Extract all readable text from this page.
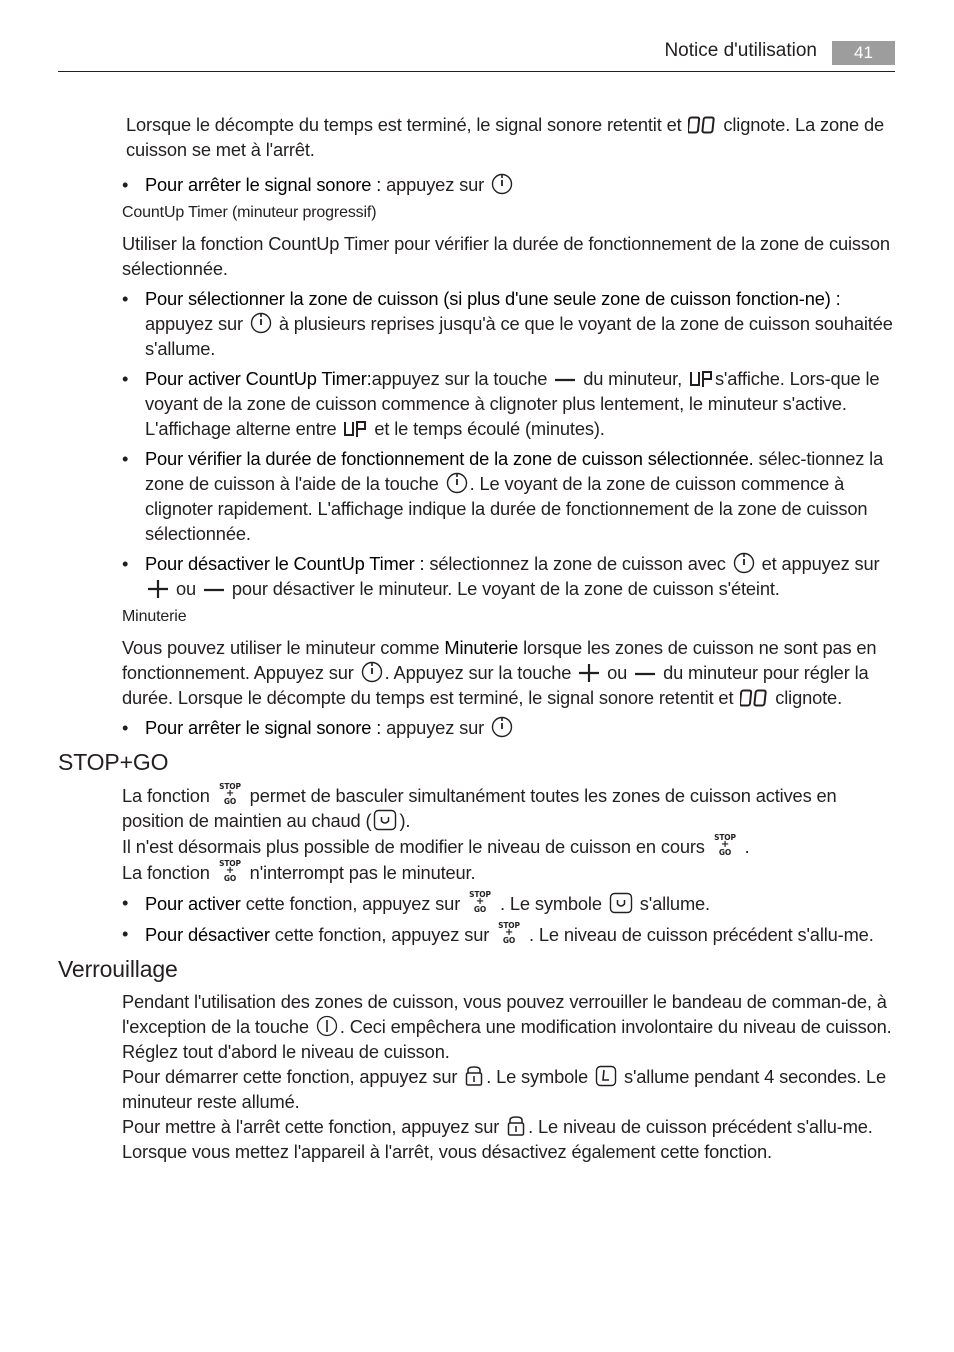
Notice d'utilisation	41

Lorsque le décompte du temps est terminé, le signal sonore retentit et clignote. La zone de cuisson se met à l'arrêt.

• Pour arrêter le signal sonore : appuyez sur

CountUp Timer (minuteur progressif)

Utiliser la fonction CountUp Timer pour vérifier la durée de fonctionnement de la zone de cuisson sélectionnée.

• Pour sélectionner la zone de cuisson (si plus d'une seule zone de cuisson fonction-ne) : appuyez sur à plusieurs reprises jusqu'à ce que le voyant de la zone de cuisson souhaitée s'allume.
• Pour activer CountUp Timer:appuyez sur la touche du minuteur, s'affiche. Lors-que le voyant de la zone de cuisson commence à clignoter plus lentement, le minuteur s'active. L'affichage alterne entre et le temps écoulé (minutes).
• Pour vérifier la durée de fonctionnement de la zone de cuisson sélectionnée. sélec-tionnez la zone de cuisson à l'aide de la touche . Le voyant de la zone de cuisson commence à clignoter rapidement. L'affichage indique la durée de fonctionnement de la zone de cuisson sélectionnée.
• Pour désactiver le CountUp Timer : sélectionnez la zone de cuisson avec et appuyez sur  ou pour désactiver le minuteur. Le voyant de la zone de cuisson s'éteint.

Minuterie

Vous pouvez utiliser le minuteur comme Minuterie lorsque les zones de cuisson ne sont pas en fonctionnement. Appuyez sur . Appuyez sur la touche ou du minuteur pour régler la durée. Lorsque le décompte du temps est terminé, le signal sonore retentit et clignote.

• Pour arrêter le signal sonore : appuyez sur
STOP+GO

La fonction STOP
+
GO permet de basculer simultanément toutes les zones de cuisson actives en position de maintien au chaud ( ).
Il n'est désormais plus possible de modifier le niveau de cuisson en cours STOP
+
GO .
La fonction STOP
+
GO n'interrompt pas le minuteur.

• Pour activer cette fonction, appuyez sur STOP
+
GO . Le symbole s'allume.
• Pour désactiver cette fonction, appuyez sur STOP
+
GO . Le niveau de cuisson précédent s'allu-me.
Verrouillage

Pendant l'utilisation des zones de cuisson, vous pouvez verrouiller le bandeau de comman-de, à l'exception de la touche . Ceci empêchera une modification involontaire du niveau de cuisson.

Réglez tout d'abord le niveau de cuisson.

Pour démarrer cette fonction, appuyez sur . Le symbole s'allume pendant 4 secondes. Le minuteur reste allumé.

Pour mettre à l'arrêt cette fonction, appuyez sur . Le niveau de cuisson précédent s'allu-me.

Lorsque vous mettez l'appareil à l'arrêt, vous désactivez également cette fonction.
